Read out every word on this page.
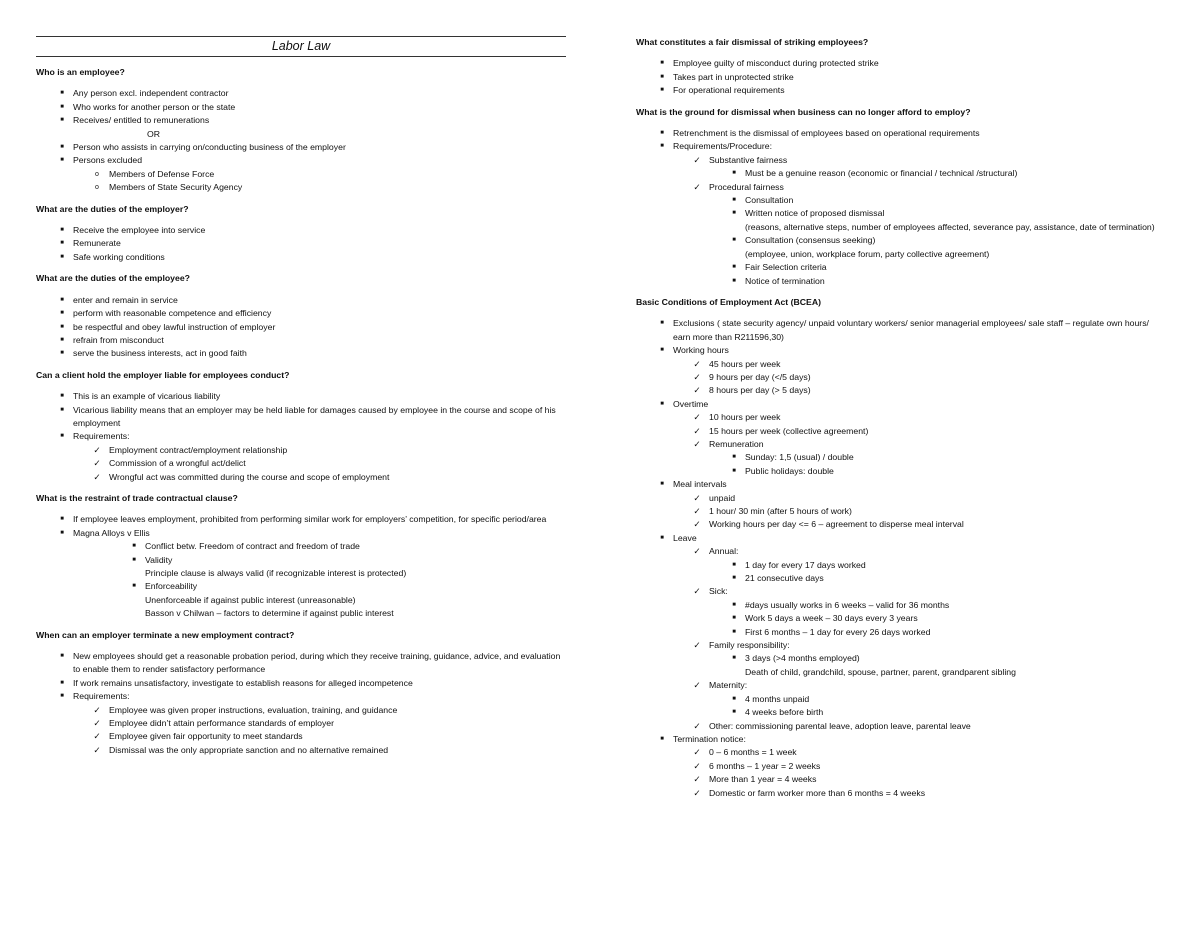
Labor Law
Who is an employee?
■	Any person excl. independent contractor
■	Who works for another person or the state
■	Receives/ entitled to remunerations
OR
■	Person who assists in carrying on/conducting business of the employer
■	Persons excluded
o	Members of Defense Force
o	Members of State Security Agency
What are the duties of the employer?
■	Receive the employee into service
■	Remunerate
■	Safe working conditions
What are the duties of the employee?
■	enter and remain in service
■	perform with reasonable competence and efficiency
■	be respectful and obey lawful instruction of employer
■	refrain from misconduct
■	serve the business interests, act in good faith
Can a client hold the employer liable for employees conduct?
■	This is an example of vicarious liability
■	Vicarious liability means that an employer may be held liable for damages caused by employee in the course and scope of his employment
■	Requirements:
✓ Employment contract/employment relationship
✓ Commission of a wrongful act/delict
✓ Wrongful act was committed during the course and scope of employment
What is the restraint of trade contractual clause?
■	If employee leaves employment, prohibited from performing similar work for employers’ competition, for specific period/area
■	Magna Alloys v Ellis
■	Conflict betw. Freedom of contract and freedom of trade
■	Validity
Principle clause is always valid (if recognizable interest is protected)
■	Enforceability
Unenforceable if against public interest (unreasonable)
Basson v Chilwan – factors to determine if against public interest
When can an employer terminate a new employment contract?
■	New employees should get a reasonable probation period, during which they receive training, guidance, advice, and evaluation to enable them to render satisfactory performance
■	If work remains unsatisfactory, investigate to establish reasons for alleged incompetence
■	Requirements:
✓ Employee was given proper instructions, evaluation, training, and guidance
✓ Employee didn’t attain performance standards of employer
✓ Employee given fair opportunity to meet standards
✓ Dismissal was the only appropriate sanction and no alternative remained
What constitutes a fair dismissal of striking employees?
■	Employee guilty of misconduct during protected strike
■	Takes part in unprotected strike
■	For operational requirements
What is the ground for dismissal when business can no longer afford to employ?
■	Retrenchment is the dismissal of employees based on operational requirements
■	Requirements/Procedure:
✓ Substantive fairness
■	Must be a genuine reason (economic or financial / technical /structural)
✓ Procedural fairness
■	Consultation
■	Written notice of proposed dismissal
(reasons, alternative steps, number of employees affected, severance pay, assistance, date of termination)
■	Consultation (consensus seeking)
(employee, union, workplace forum, party collective agreement)
■	Fair Selection criteria
■	Notice of termination
Basic Conditions of Employment Act (BCEA)
■	Exclusions ( state security agency/ unpaid voluntary workers/ senior managerial employees/ sale staff – regulate own hours/ earn more than R211596,30)
■	Working hours
✓ 45 hours per week
✓ 9 hours per day (</5 days)
✓ 8 hours per day (> 5 days)
■	Overtime
✓ 10 hours per week
✓ 15 hours per week (collective agreement)
✓ Remuneration
■	Sunday: 1,5 (usual) / double
■	Public holidays: double
■	Meal intervals
✓ unpaid
✓ 1 hour/ 30 min (after 5 hours of work)
✓ Working hours per day <= 6 – agreement to disperse meal interval
■	Leave
✓ Annual:
■	1 day for every 17 days worked
■	21 consecutive days
✓ Sick:
■	#days usually works in 6 weeks – valid for 36 months
■	Work 5 days a week – 30 days every 3 years
■	First 6 months – 1 day for every 26 days worked
✓ Family responsibility:
■	3 days (>4 months employed)
Death of child, grandchild, spouse, partner, parent, grandparent sibling
✓ Maternity:
■	4 months unpaid
■	4 weeks before birth
✓ Other: commissioning parental leave, adoption leave, parental leave
■	Termination notice:
✓ 0 – 6 months = 1 week
✓ 6 months – 1 year = 2 weeks
✓ More than 1 year = 4 weeks
✓ Domestic or farm worker more than 6 months = 4 weeks
